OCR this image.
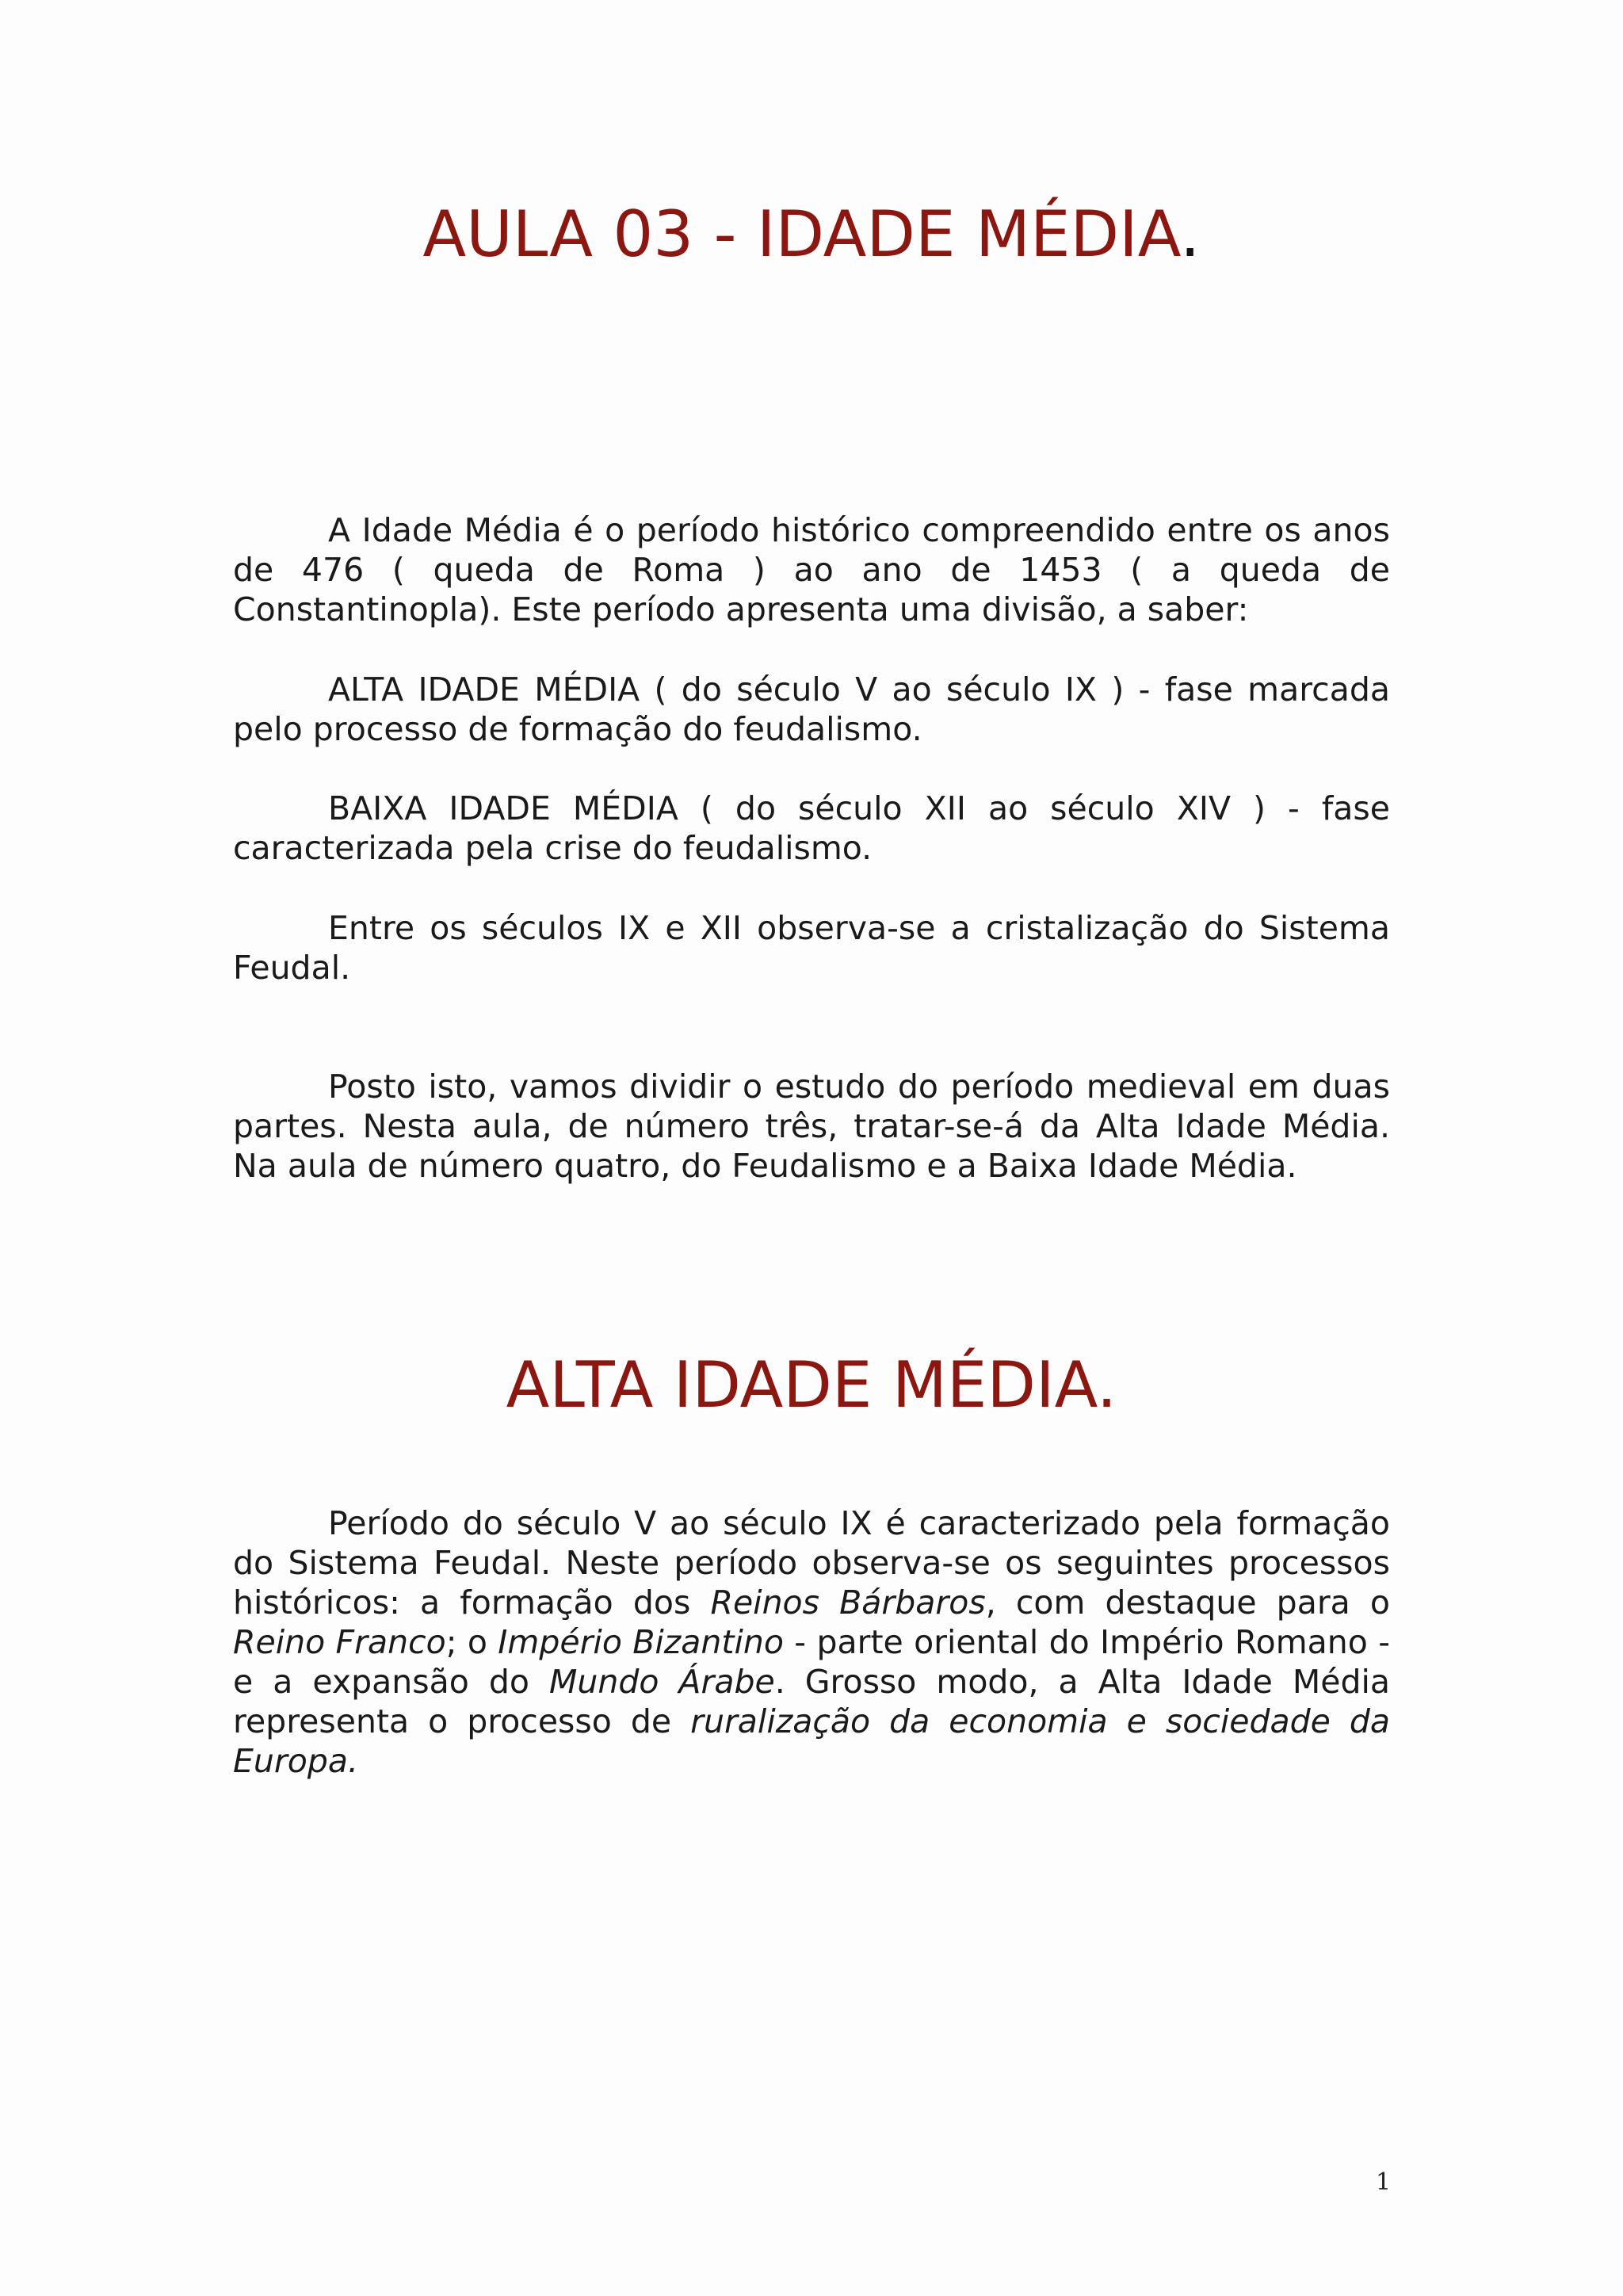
AULA 03 - IDADE MÉDIA.

A Idade Média é o período histórico compreendido entre os anos de 476 ( queda de Roma ) ao ano de 1453 ( a queda de Constantinopla). Este período apresenta uma divisão, a saber:

ALTA IDADE MÉDIA ( do século V ao século IX ) - fase marcada pelo processo de formação do feudalismo.

BAIXA IDADE MÉDIA ( do século XII ao século XIV ) - fase caracterizada pela crise do feudalismo.

Entre os séculos IX e XII observa-se a cristalização do Sistema Feudal.

Posto isto, vamos dividir o estudo do período medieval em duas partes. Nesta aula, de número três, tratar-se-á da Alta Idade Média. Na aula de número quatro, do Feudalismo e a Baixa Idade Média.

ALTA IDADE MÉDIA.

Período do século V ao século IX é caracterizado pela formação do Sistema Feudal. Neste período observa-se os seguintes processos históricos: a formação dos Reinos Bárbaros, com destaque para o Reino Franco; o Império Bizantino - parte oriental do Império Romano - e a expansão do Mundo Árabe. Grosso modo, a Alta Idade Média representa o processo de ruralização da economia e sociedade da Europa.

1
